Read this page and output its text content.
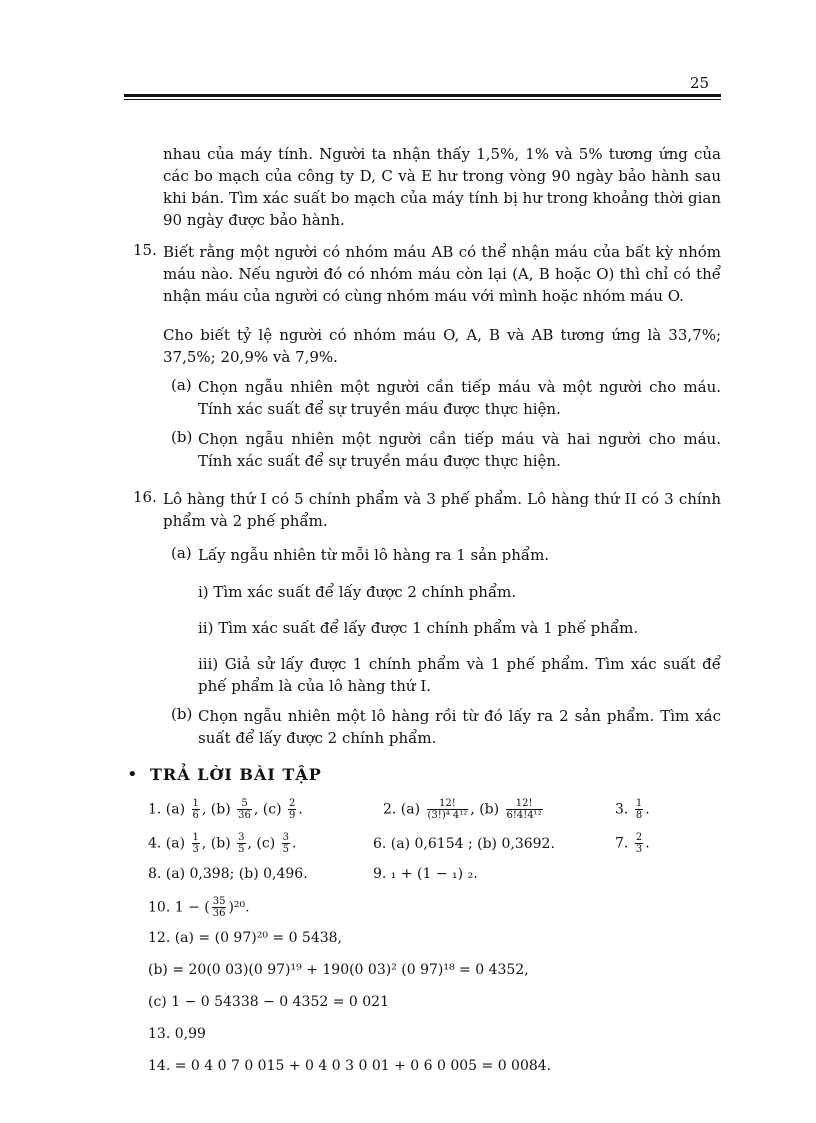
25

nhau của máy tính. Người ta nhận thấy 1,5%, 1% và 5% tương ứng của các bo mạch của công ty D, C và E hư trong vòng 90 ngày bảo hành sau khi bán. Tìm xác suất bo mạch của máy tính bị hư trong khoảng thời gian 90 ngày được bảo hành.

15. Biết rằng một người có nhóm máu AB có thể nhận máu của bất kỳ nhóm máu nào. Nếu người đó có nhóm máu còn lại (A, B hoặc O) thì chỉ có thể nhận máu của người có cùng nhóm máu với mình hoặc nhóm máu O.

Cho biết tỷ lệ người có nhóm máu O, A, B và AB tương ứng là 33,7%; 37,5%; 20,9% và 7,9%.

(a) Chọn ngẫu nhiên một người cần tiếp máu và một người cho máu. Tính xác suất để sự truyền máu được thực hiện.

(b) Chọn ngẫu nhiên một người cần tiếp máu và hai người cho máu. Tính xác suất để sự truyền máu được thực hiện.

16. Lô hàng thứ I có 5 chính phẩm và 3 phế phẩm. Lô hàng thứ II có 3 chính phẩm và 2 phế phẩm.

(a) Lấy ngẫu nhiên từ mỗi lô hàng ra 1 sản phẩm.

i) Tìm xác suất để lấy được 2 chính phẩm.

ii) Tìm xác suất để lấy được 1 chính phẩm và 1 phế phẩm.

iii) Giả sử lấy được 1 chính phẩm và 1 phế phẩm. Tìm xác suất để phế phẩm là của lô hàng thứ I.

(b) Chọn ngẫu nhiên một lô hàng rồi từ đó lấy ra 2 sản phẩm. Tìm xác suất để lấy được 2 chính phẩm.

• TRẢ LỜI BÀI TẬP
1. $(a) \frac{1}{6}$ , $(b) \frac{5}{36}$ , $(c) \frac{2}{9}$ .	2. $(a) \frac{12!}{\text{(3!)⁴ 4¹²}}$ , $(b) \frac{12!}{\text{6!4!4¹²}}$	3. $\frac{1}{8}$ .
4. $(a) \frac{1}{3}$ , $(b) \frac{3}{5}$ , $(c) \frac{3}{5}$ .	6. (a) 0,6154 ; (b) 0,3692.	7. $\frac{2}{3}$ .
8. (a) 0,398; (b) 0,496.	9. ₁ + (1 − ₁) ₂.
10. 1 − ( $\frac{35}{36} )^{20}$.
12. (a) = (0 97)²⁰ = 0 5438,
(b) = 20(0 03)(0 97)¹⁹ + 190(0 03)² (0 97)¹⁸ = 0 4352,
(c) 1 − 0 54338 − 0 4352 = 0 021
13. 0,99
14. = 0 4 0 7 0 015 + 0 4 0 3 0 01 + 0 6 0 005 = 0 0084.
